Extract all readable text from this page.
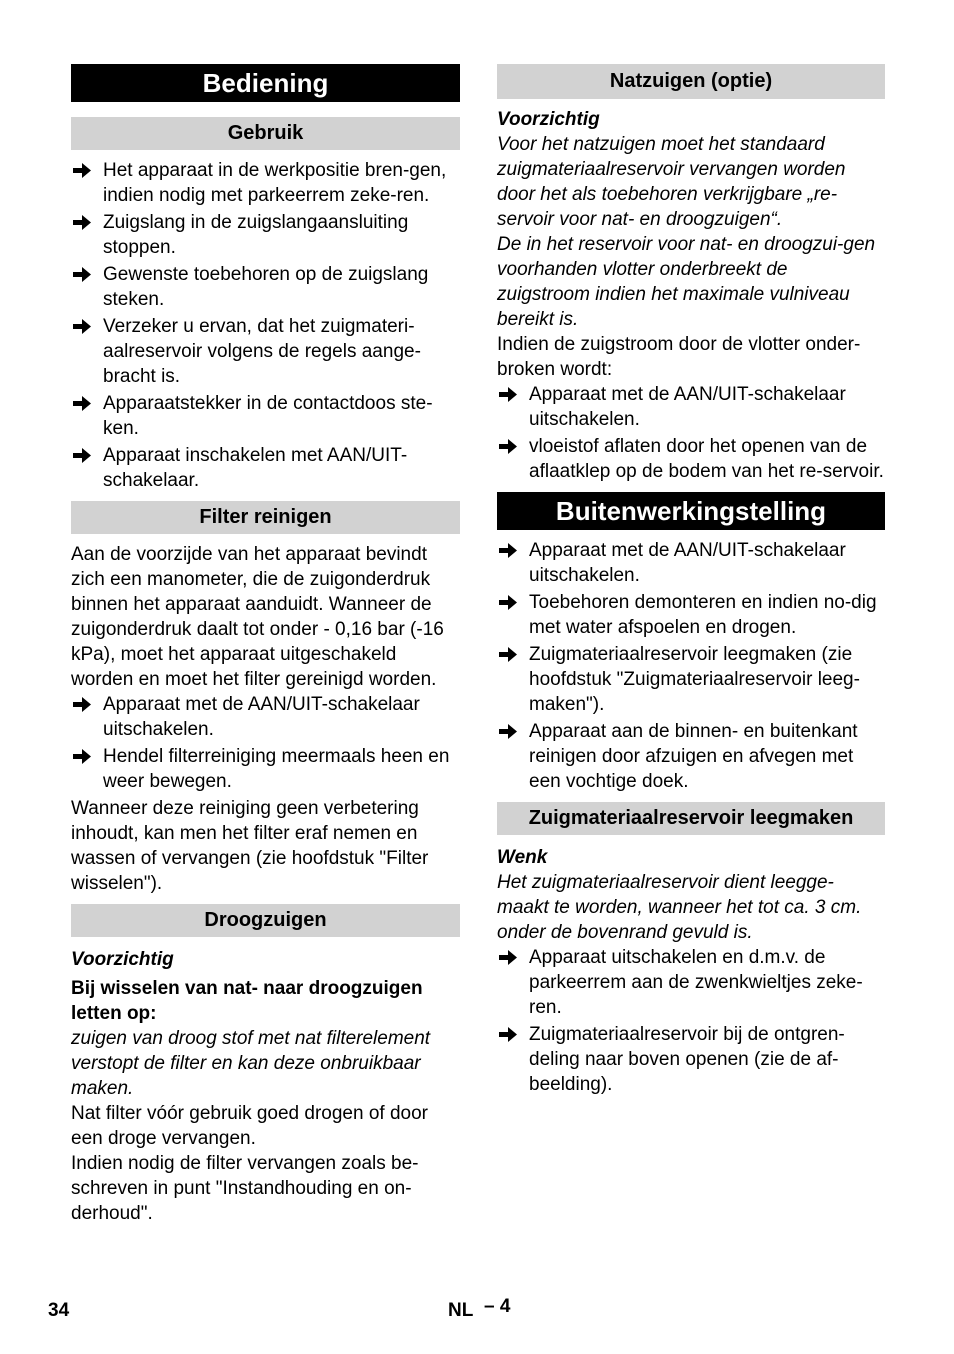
Bediening
Gebruik
Het apparaat in de werkpositie bren-gen, indien nodig met parkeerrem zeke-ren.
Zuigslang in de zuigslangaansluiting stoppen.
Gewenste toebehoren op de zuigslang steken.
Verzeker u ervan, dat het zuigmateri-aalreservoir volgens de regels aange-bracht is.
Apparaatstekker in de contactdoos ste-ken.
Apparaat inschakelen met AAN/UIT-schakelaar.
Filter reinigen

Aan de voorzijde van het apparaat bevindt zich een manometer, die de zuigonderdruk binnen het apparaat aanduidt. Wanneer de zuigonderdruk daalt tot onder - 0,16 bar (-16 kPa), moet het apparaat uitgeschakeld worden en moet het filter gereinigd worden.

Apparaat met de AAN/UIT-schakelaar uitschakelen.
Hendel filterreiniging meermaals heen en weer bewegen.

Wanneer deze reiniging geen verbetering inhoudt, kan men het filter eraf nemen en wassen of vervangen (zie hoofdstuk "Filter wisselen").

Droogzuigen

Voorzichtig

Bij wisselen van nat- naar droogzuigen letten op:

zuigen van droog stof met nat filterelement verstopt de filter en kan deze onbruikbaar maken.

Nat filter vóór gebruik goed drogen of door een droge vervangen.

Indien nodig de filter vervangen zoals be-schreven in punt "Instandhouding en on-derhoud".

Natzuigen (optie)

Voorzichtig

Voor het natzuigen moet het standaard zuigmateriaalreservoir vervangen worden door het als toebehoren verkrijgbare „re-servoir voor nat- en droogzuigen“.

De in het reservoir voor nat- en droogzui-gen voorhanden vlotter onderbreekt de zuigstroom indien het maximale vulniveau bereikt is.

Indien de zuigstroom door de vlotter onder-broken wordt:

Apparaat met de AAN/UIT-schakelaar uitschakelen.
vloeistof aflaten door het openen van de aflaatklep op de bodem van het re-servoir.
Buitenwerkingstelling
Apparaat met de AAN/UIT-schakelaar uitschakelen.
Toebehoren demonteren en indien no-dig met water afspoelen en drogen.
Zuigmateriaalreservoir leegmaken (zie hoofdstuk "Zuigmateriaalreservoir leeg-maken").
Apparaat aan de binnen- en buitenkant reinigen door afzuigen en afvegen met een vochtige doek.
Zuigmateriaalreservoir leegmaken

Wenk

Het zuigmateriaalreservoir dient leegge-maakt te worden, wanneer het tot ca. 3 cm. onder de bovenrand gevuld is.

Apparaat uitschakelen en d.m.v. de parkeerrem aan de zwenkwieltjes zeke-ren.
Zuigmateriaalreservoir bij de ontgren-deling naar boven openen (zie de af-beelding).
34	NL – 4
